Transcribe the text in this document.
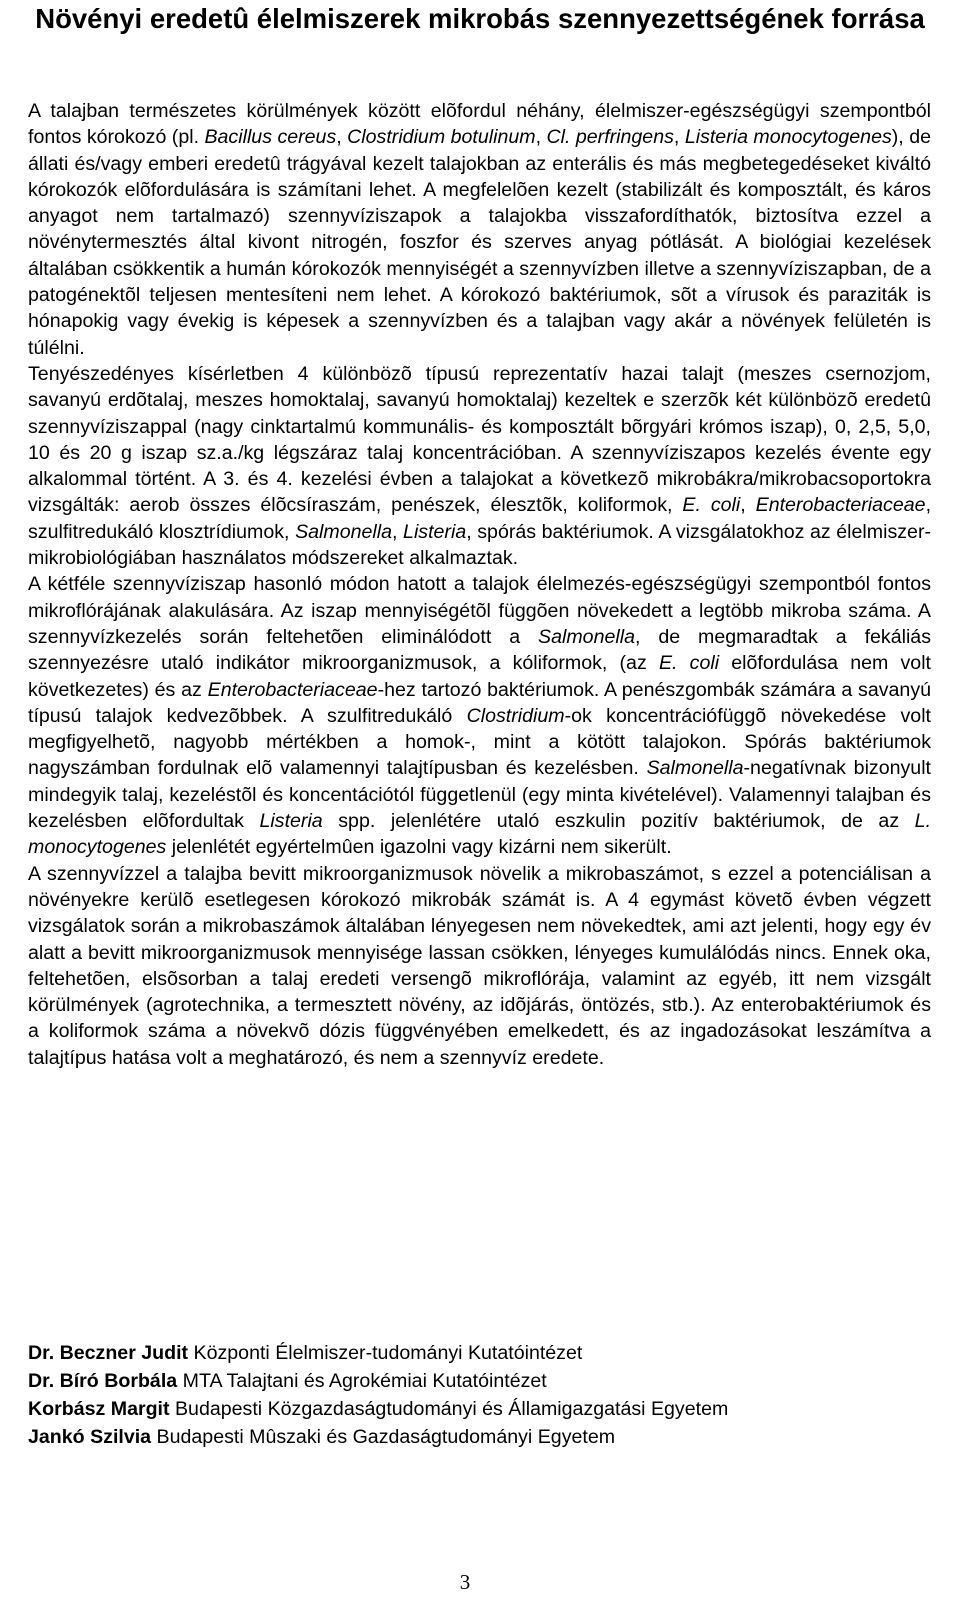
Növényi eredetû élelmiszerek mikrobás szennyezettségének forrása

A talajban természetes körülmények között elõfordul néhány, élelmiszer-egészségügyi szempontból fontos kórokozó (pl. Bacillus cereus, Clostridium botulinum, Cl. perfringens, Listeria monocytogenes), de állati és/vagy emberi eredetû trágyával kezelt talajokban az enterális és más megbetegedéseket kiváltó kórokozók elõfordulására is számítani lehet. A megfelelõen kezelt (stabilizált és komposztált, és káros anyagot nem tartalmazó) szennyvíziszapok a talajokba visszafordíthatók, biztosítva ezzel a növénytermesztés által kivont nitrogén, foszfor és szerves anyag pótlását. A biológiai kezelések általában csökkentik a humán kórokozók mennyiségét a szennyvízben illetve a szennyvíziszapban, de a patogénektõl teljesen mentesíteni nem lehet. A kórokozó baktériumok, sõt a vírusok és paraziták is hónapokig vagy évekig is képesek a szennyvízben és a talajban vagy akár a növények felületén is túlélni.

Tenyészedényes kísérletben 4 különbözõ típusú reprezentatív hazai talajt (meszes csernozjom, savanyú erdõtalaj, meszes homoktalaj, savanyú homoktalaj) kezeltek e szerzõk két különbözõ eredetû szennyvíziszappal (nagy cinktartalmú kommunális- és komposztált bõrgyári krómos iszap), 0, 2,5, 5,0, 10 és 20 g iszap sz.a./kg légszáraz talaj koncentrációban. A szennyvíziszapos kezelés évente egy alkalommal történt. A 3. és 4. kezelési évben a talajokat a következõ mikrobákra/mikrobacsoportokra vizsgálták: aerob összes élõcsíraszám, penészek, élesztõk, koliformok, E. coli, Enterobacteriaceae, szulfitredukáló klosztrídiumok, Salmonella, Listeria, spórás baktériumok. A vizsgálatokhoz az élelmiszer-mikrobiológiában használatos módszereket alkalmaztak.

A kétféle szennyvíziszap hasonló módon hatott a talajok élelmezés-egészségügyi szempontból fontos mikroflórájának alakulására. Az iszap mennyiségétõl függõen növekedett a legtöbb mikroba száma. A szennyvízkezelés során feltehetõen eliminálódott a Salmonella, de megmaradtak a fekáliás szennyezésre utaló indikátor mikroorganizmusok, a kóliformok, (az E. coli elõfordulása nem volt következetes) és az Enterobacteriaceae-hez tartozó baktériumok. A penészgombák számára a savanyú típusú talajok kedvezõbbek. A szulfitredukáló Clostridium-ok koncentrációfüggõ növekedése volt megfigyelhetõ, nagyobb mértékben a homok-, mint a kötött talajokon. Spórás baktériumok nagyszámban fordulnak elõ valamennyi talajtípusban és kezelésben. Salmonella-negatívnak bizonyult mindegyik talaj, kezeléstõl és koncentációtól függetlenül (egy minta kivételével). Valamennyi talajban és kezelésben elõfordultak Listeria spp. jelenlétére utaló eszkulin pozitív baktériumok, de az L. monocytogenes jelenlétét egyértelmûen igazolni vagy kizárni nem sikerült.

A szennyvízzel a talajba bevitt mikroorganizmusok növelik a mikrobaszámot, s ezzel a potenciálisan a növényekre kerülõ esetlegesen kórokozó mikrobák számát is. A 4 egymást követõ évben végzett vizsgálatok során a mikrobaszámok általában lényegesen nem növekedtek, ami azt jelenti, hogy egy év alatt a bevitt mikroorganizmusok mennyisége lassan csökken, lényeges kumulálódás nincs. Ennek oka, feltehetõen, elsõsorban a talaj eredeti versengõ mikroflórája, valamint az egyéb, itt nem vizsgált körülmények (agrotechnika, a termesztett növény, az idõjárás, öntözés, stb.). Az enterobaktériumok és a koliformok száma a növekvõ dózis függvényében emelkedett, és az ingadozásokat leszámítva a talajtípus hatása volt a meghatározó, és nem a szennyvíz eredete.

Dr. Beczner Judit Központi Élelmiszer-tudományi Kutatóintézet
Dr. Bíró Borbála MTA Talajtani és Agrokémiai Kutatóintézet
Korbász Margit Budapesti Közgazdaságtudományi és Államigazgatási Egyetem
Jankó Szilvia Budapesti Mûszaki és Gazdaságtudományi Egyetem
3
